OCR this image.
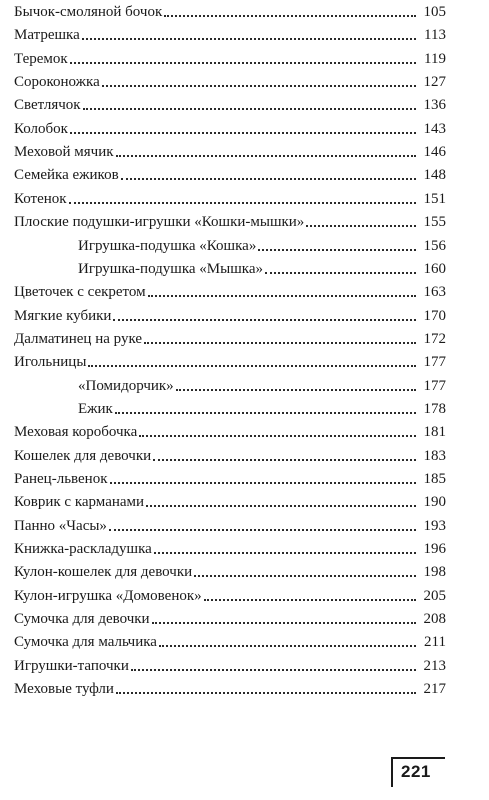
Бычок-смоляной бочок	105
Матрешка	113
Теремок	119
Сороконожка	127
Светлячок	136
Колобок	143
Меховой мячик	146
Семейка ежиков	148
Котенок	151
Плоские подушки-игрушки «Кошки-мышки»	155
Игрушка-подушка «Кошка»	156
Игрушка-подушка «Мышка»	160
Цветочек с секретом	163
Мягкие кубики	170
Далматинец на руке	172
Игольницы	177
«Помидорчик»	177
Ежик	178
Меховая коробочка	181
Кошелек для девочки	183
Ранец-львенок	185
Коврик с карманами	190
Панно «Часы»	193
Книжка-раскладушка	196
Кулон-кошелек для девочки	198
Кулон-игрушка «Домовенок»	205
Сумочка для девочки	208
Сумочка для мальчика	211
Игрушки-тапочки	213
Меховые туфли	217
221
